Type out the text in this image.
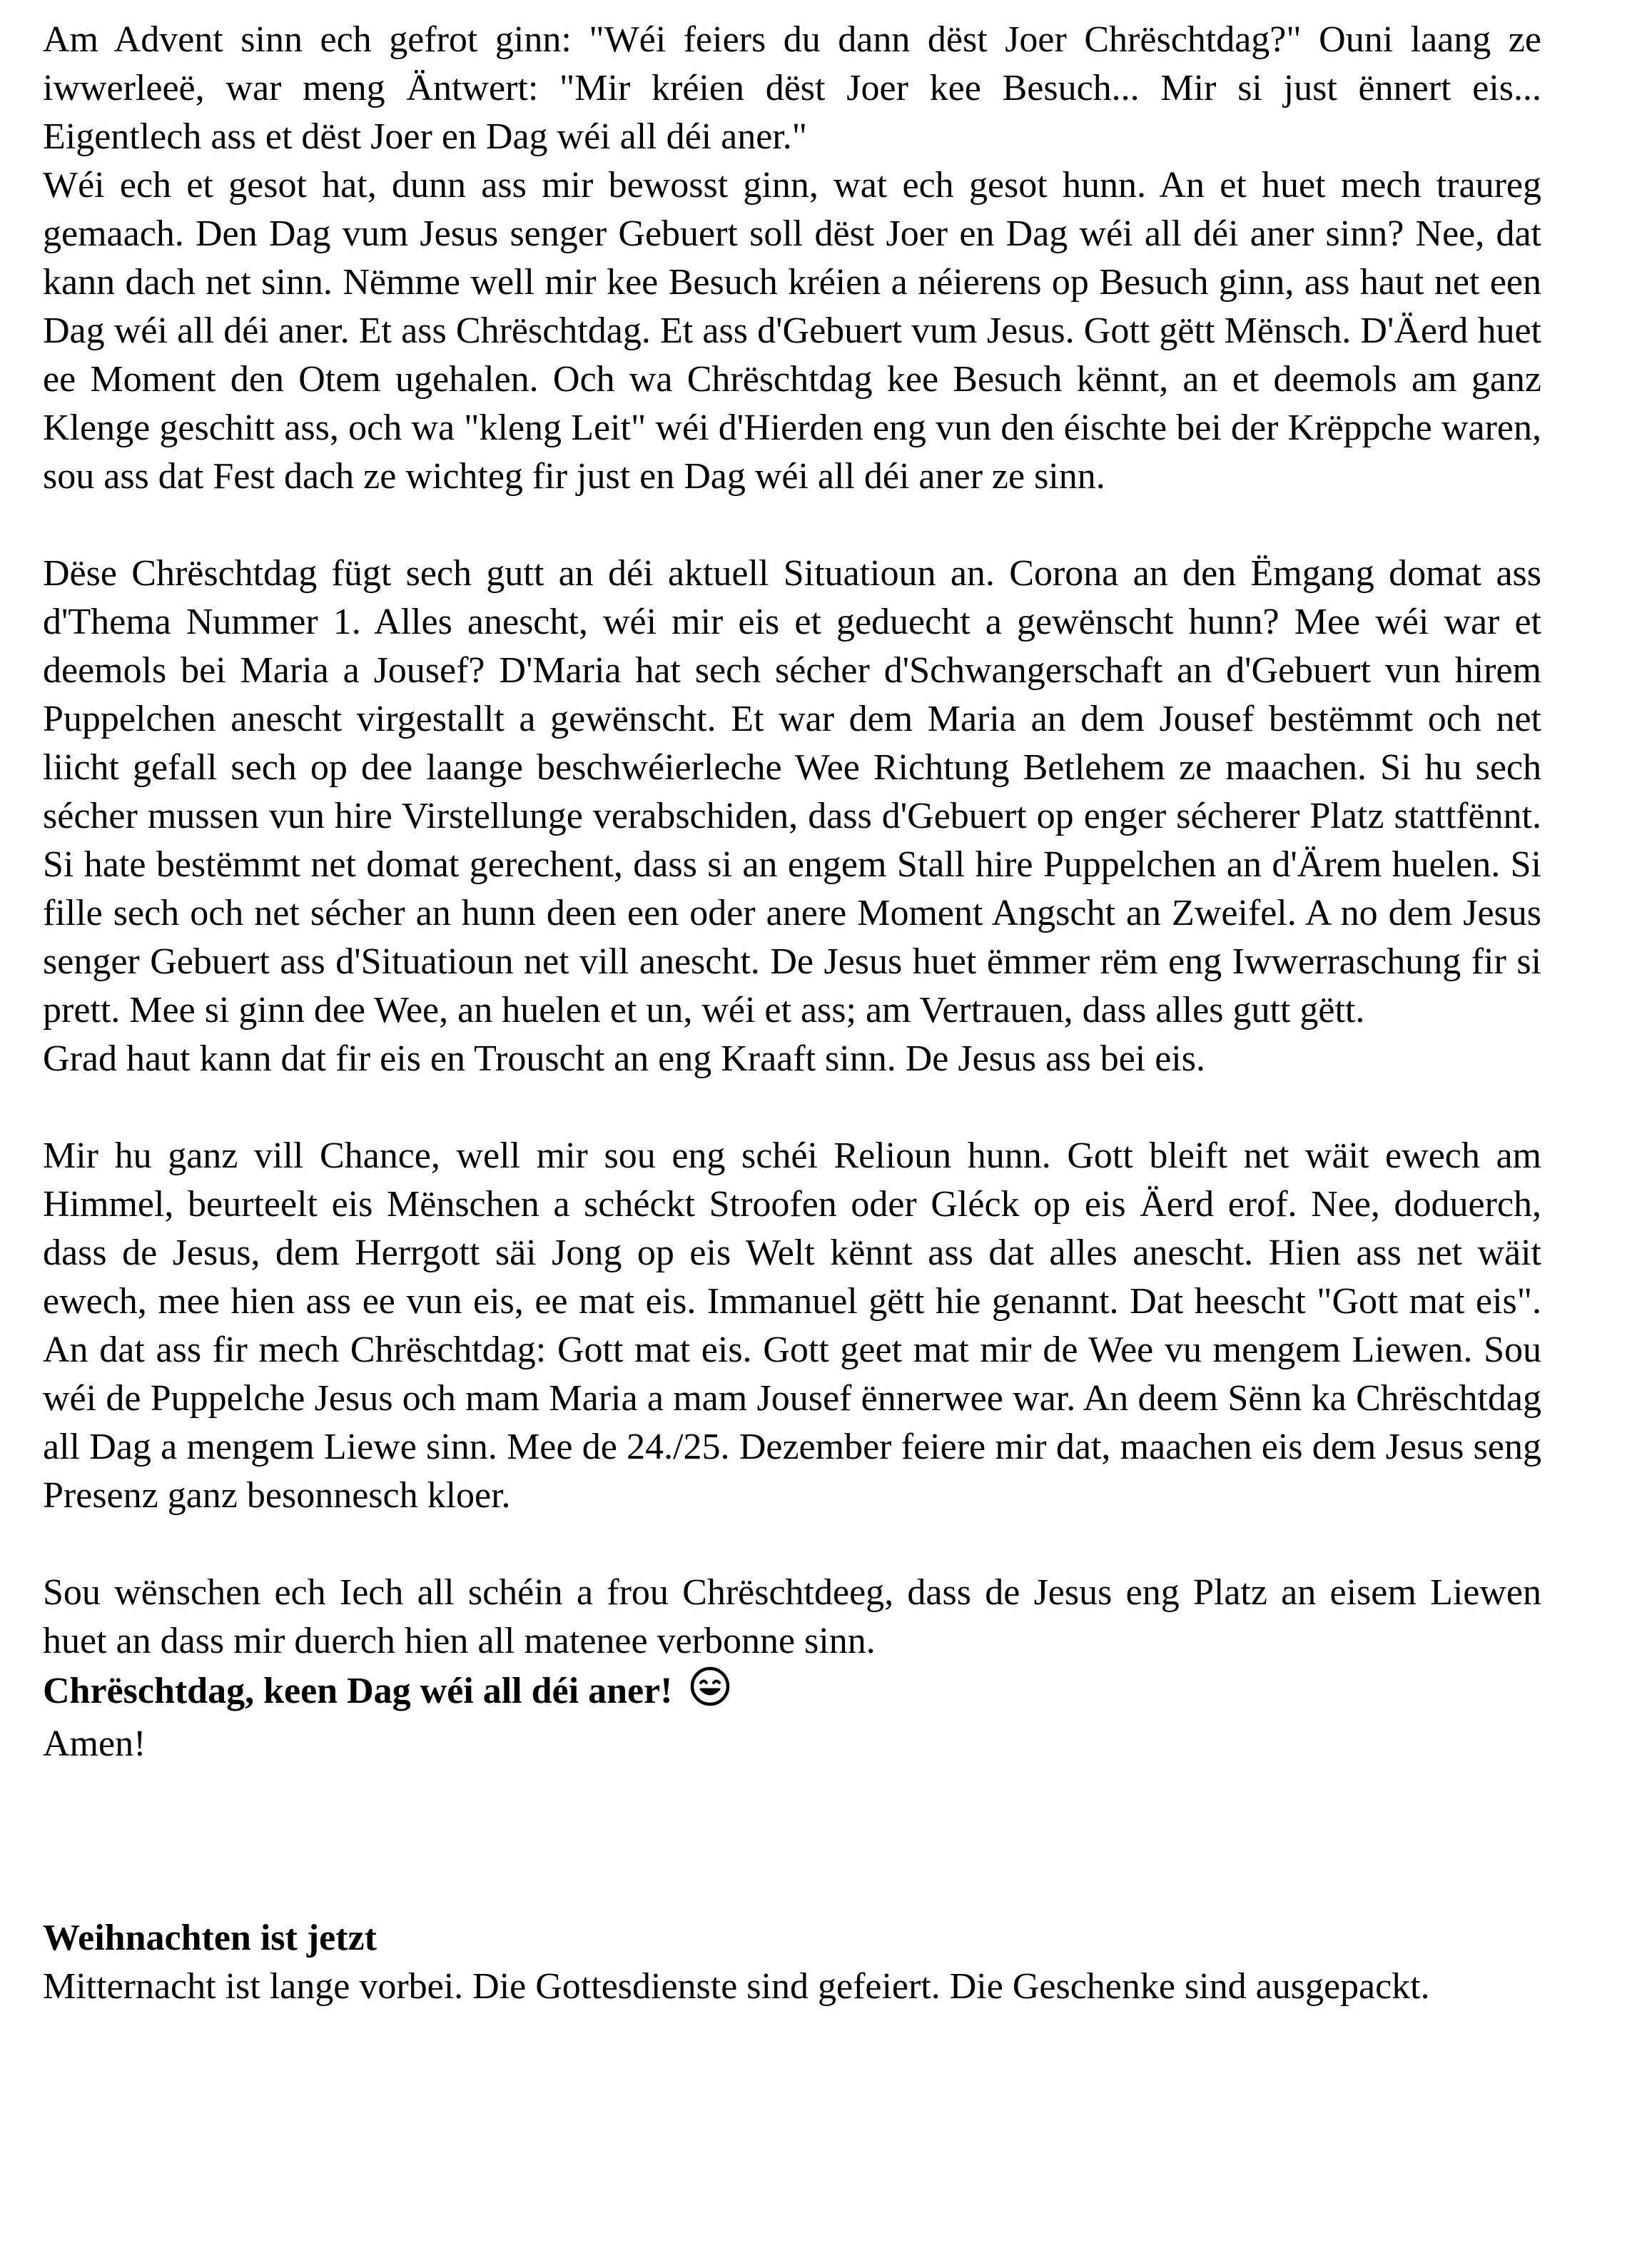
Am Advent sinn ech gefrot ginn: "Wéi feiers du dann dëst Joer Chrëschtdag?" Ouni laang ze iwwerleeë, war meng Äntwert: "Mir kréien dëst Joer kee Besuch... Mir si just ënnert eis... Eigentlech ass et dëst Joer en Dag wéi all déi aner."

Wéi ech et gesot hat, dunn ass mir bewosst ginn, wat ech gesot hunn. An et huet mech traureg gemaach. Den Dag vum Jesus senger Gebuert soll dëst Joer en Dag wéi all déi aner sinn? Nee, dat kann dach net sinn. Nëmme well mir kee Besuch kréien a néierens op Besuch ginn, ass haut net een Dag wéi all déi aner. Et ass Chrëschtdag. Et ass d'Gebuert vum Jesus. Gott gëtt Mënsch. D'Äerd huet ee Moment den Otem ugehalen. Och wa Chrëschtdag kee Besuch kënnt, an et deemols am ganz Klenge geschitt ass, och wa "kleng Leit" wéi d'Hierden eng vun den éischte bei der Krëppche waren, sou ass dat Fest dach ze wichteg fir just en Dag wéi all déi aner ze sinn.

Dëse Chrëschtdag fügt sech gutt an déi aktuell Situatioun an. Corona an den Ëmgang domat ass d'Thema Nummer 1. Alles anescht, wéi mir eis et geduecht a gewënscht hunn? Mee wéi war et deemols bei Maria a Jousef? D'Maria hat sech sécher d'Schwangerschaft an d'Gebuert vun hirem Puppelchen anescht virgestallt a gewënscht. Et war dem Maria an dem Jousef bestëmmt och net liicht gefall sech op dee laange beschwéierleche Wee Richtung Betlehem ze maachen. Si hu sech sécher mussen vun hire Virstellunge verabschiden, dass d'Gebuert op enger sécherer Platz stattfënnt. Si hate bestëmmt net domat gerechent, dass si an engem Stall hire Puppelchen an d'Ärem huelen. Si fille sech och net sécher an hunn deen een oder anere Moment Angscht an Zweifel. A no dem Jesus senger Gebuert ass d'Situatioun net vill anescht. De Jesus huet ëmmer rëm eng Iwwerraschung fir si prett. Mee si ginn dee Wee, an huelen et un, wéi et ass; am Vertrauen, dass alles gutt gëtt.

Grad haut kann dat fir eis en Trouscht an eng Kraaft sinn. De Jesus ass bei eis.

Mir hu ganz vill Chance, well mir sou eng schéi Relioun hunn. Gott bleift net wäit ewech am Himmel, beurteelt eis Mënschen a schéckt Stroofen oder Gléck op eis Äerd erof. Nee, doduerch, dass de Jesus, dem Herrgott säi Jong op eis Welt kënnt ass dat alles anescht. Hien ass net wäit ewech, mee hien ass ee vun eis, ee mat eis. Immanuel gëtt hie genannt. Dat heescht "Gott mat eis". An dat ass fir mech Chrëschtdag: Gott mat eis. Gott geet mat mir de Wee vu mengem Liewen. Sou wéi de Puppelche Jesus och mam Maria a mam Jousef ënnerwee war. An deem Sënn ka Chrëschtdag all Dag a mengem Liewe sinn. Mee de 24./25. Dezember feiere mir dat, maachen eis dem Jesus seng Presenz ganz besonnesch kloer.

Sou wënschen ech Iech all schéin a frou Chrëschtdeeg, dass de Jesus eng Platz an eisem Liewen huet an dass mir duerch hien all matenee verbonne sinn.

Chrëschtdag, keen Dag wéi all déi aner!

Amen!

Weihnachten ist jetzt

Mitternacht ist lange vorbei. Die Gottesdienste sind gefeiert. Die Geschenke sind ausgepackt.
